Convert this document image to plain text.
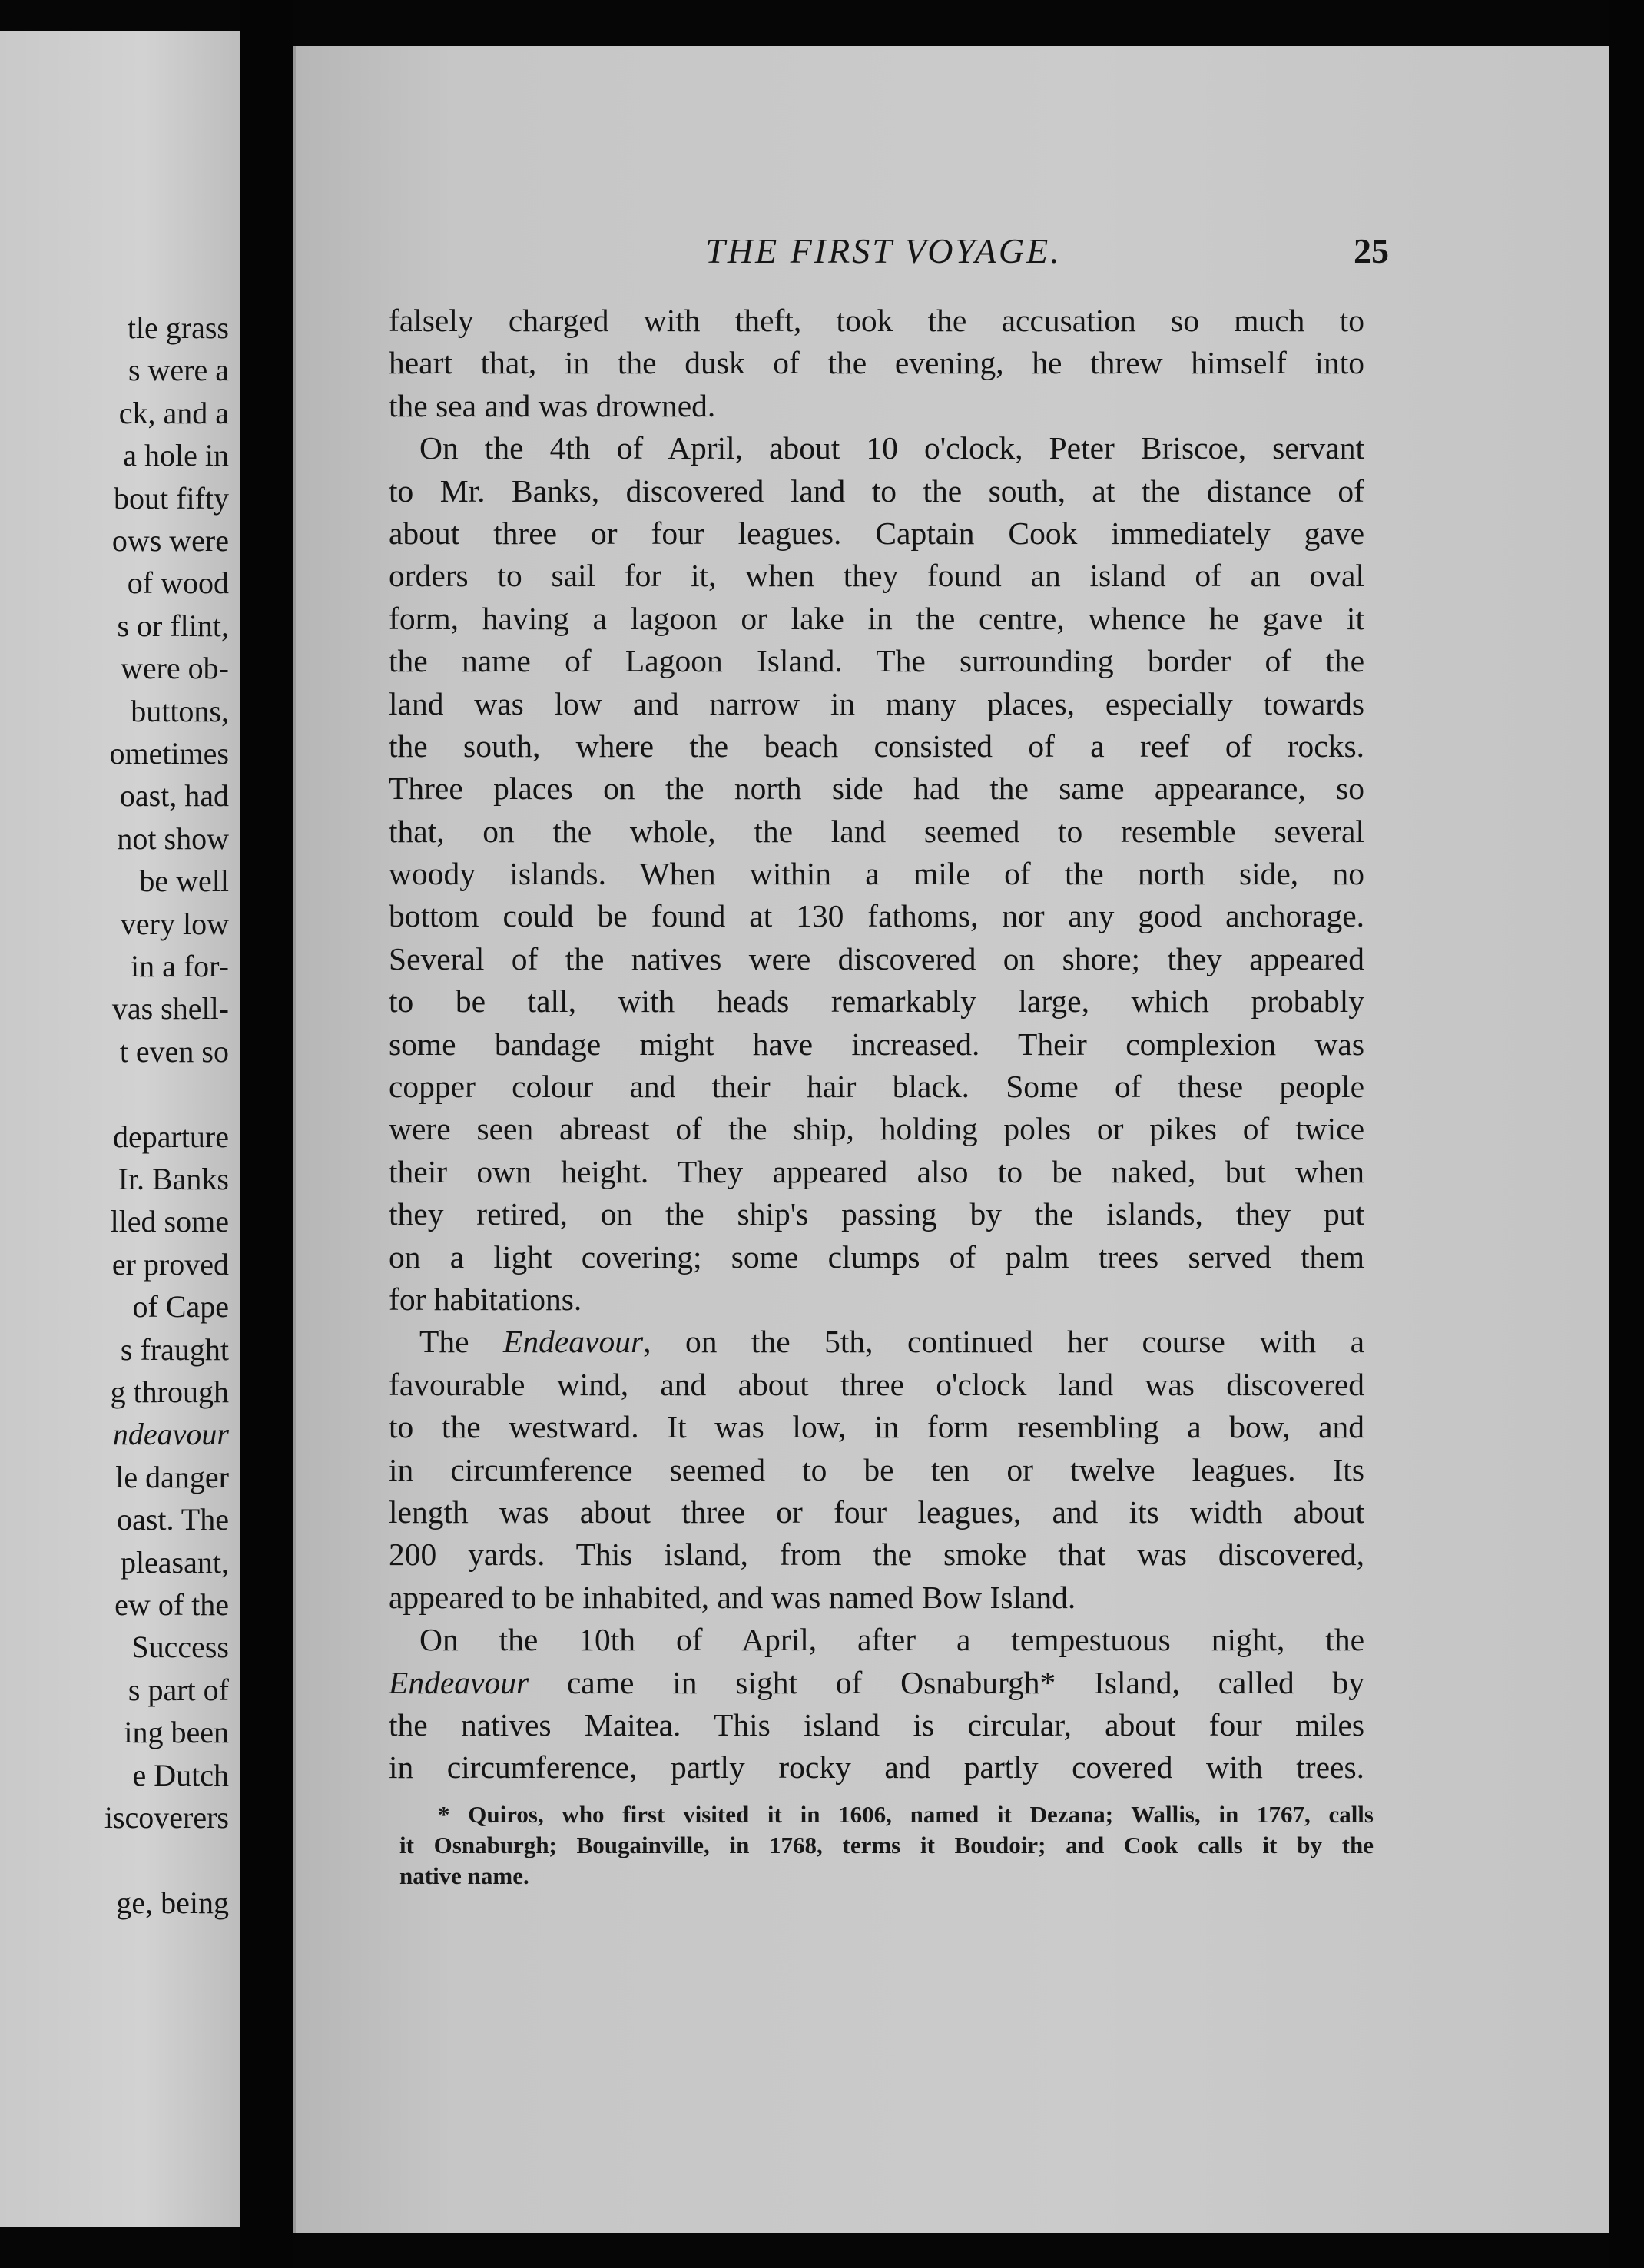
tle grass
s were a
ck, and a
a hole in
bout fifty
ows were
of wood
s or flint,
were ob-
buttons,
ometimes
oast, had
not show
be well
very low
in a for-
vas shell-
t even so
departure
Ir. Banks
lled some
er proved
of Cape
s fraught
g through
ndeavour
le danger
oast. The
pleasant,
ew of the
Success
s part of
ing been
e Dutch
iscoverers
ge, being
THE FIRST VOYAGE.	25
falsely charged with theft, took the accusation so much to
heart that, in the dusk of the evening, he threw himself into
the sea and was drowned.
On the 4th of April, about 10 o'clock, Peter Briscoe, servant
to Mr. Banks, discovered land to the south, at the distance of
about three or four leagues. Captain Cook immediately gave
orders to sail for it, when they found an island of an oval
form, having a lagoon or lake in the centre, whence he gave it
the name of Lagoon Island. The surrounding border of the
land was low and narrow in many places, especially towards
the south, where the beach consisted of a reef of rocks.
Three places on the north side had the same appearance, so
that, on the whole, the land seemed to resemble several
woody islands. When within a mile of the north side, no
bottom could be found at 130 fathoms, nor any good anchorage.
Several of the natives were discovered on shore; they appeared
to be tall, with heads remarkably large, which probably
some bandage might have increased. Their complexion was
copper colour and their hair black. Some of these people
were seen abreast of the ship, holding poles or pikes of twice
their own height. They appeared also to be naked, but when
they retired, on the ship's passing by the islands, they put
on a light covering; some clumps of palm trees served them
for habitations.
The Endeavour, on the 5th, continued her course with a
favourable wind, and about three o'clock land was discovered
to the westward. It was low, in form resembling a bow, and
in circumference seemed to be ten or twelve leagues. Its
length was about three or four leagues, and its width about
200 yards. This island, from the smoke that was discovered,
appeared to be inhabited, and was named Bow Island.
On the 10th of April, after a tempestuous night, the
Endeavour came in sight of Osnaburgh* Island, called by
the natives Maitea. This island is circular, about four miles
in circumference, partly rocky and partly covered with trees.
* Quiros, who first visited it in 1606, named it Dezana; Wallis, in 1767, calls
it Osnaburgh; Bougainville, in 1768, terms it Boudoir; and Cook calls it by the
native name.
